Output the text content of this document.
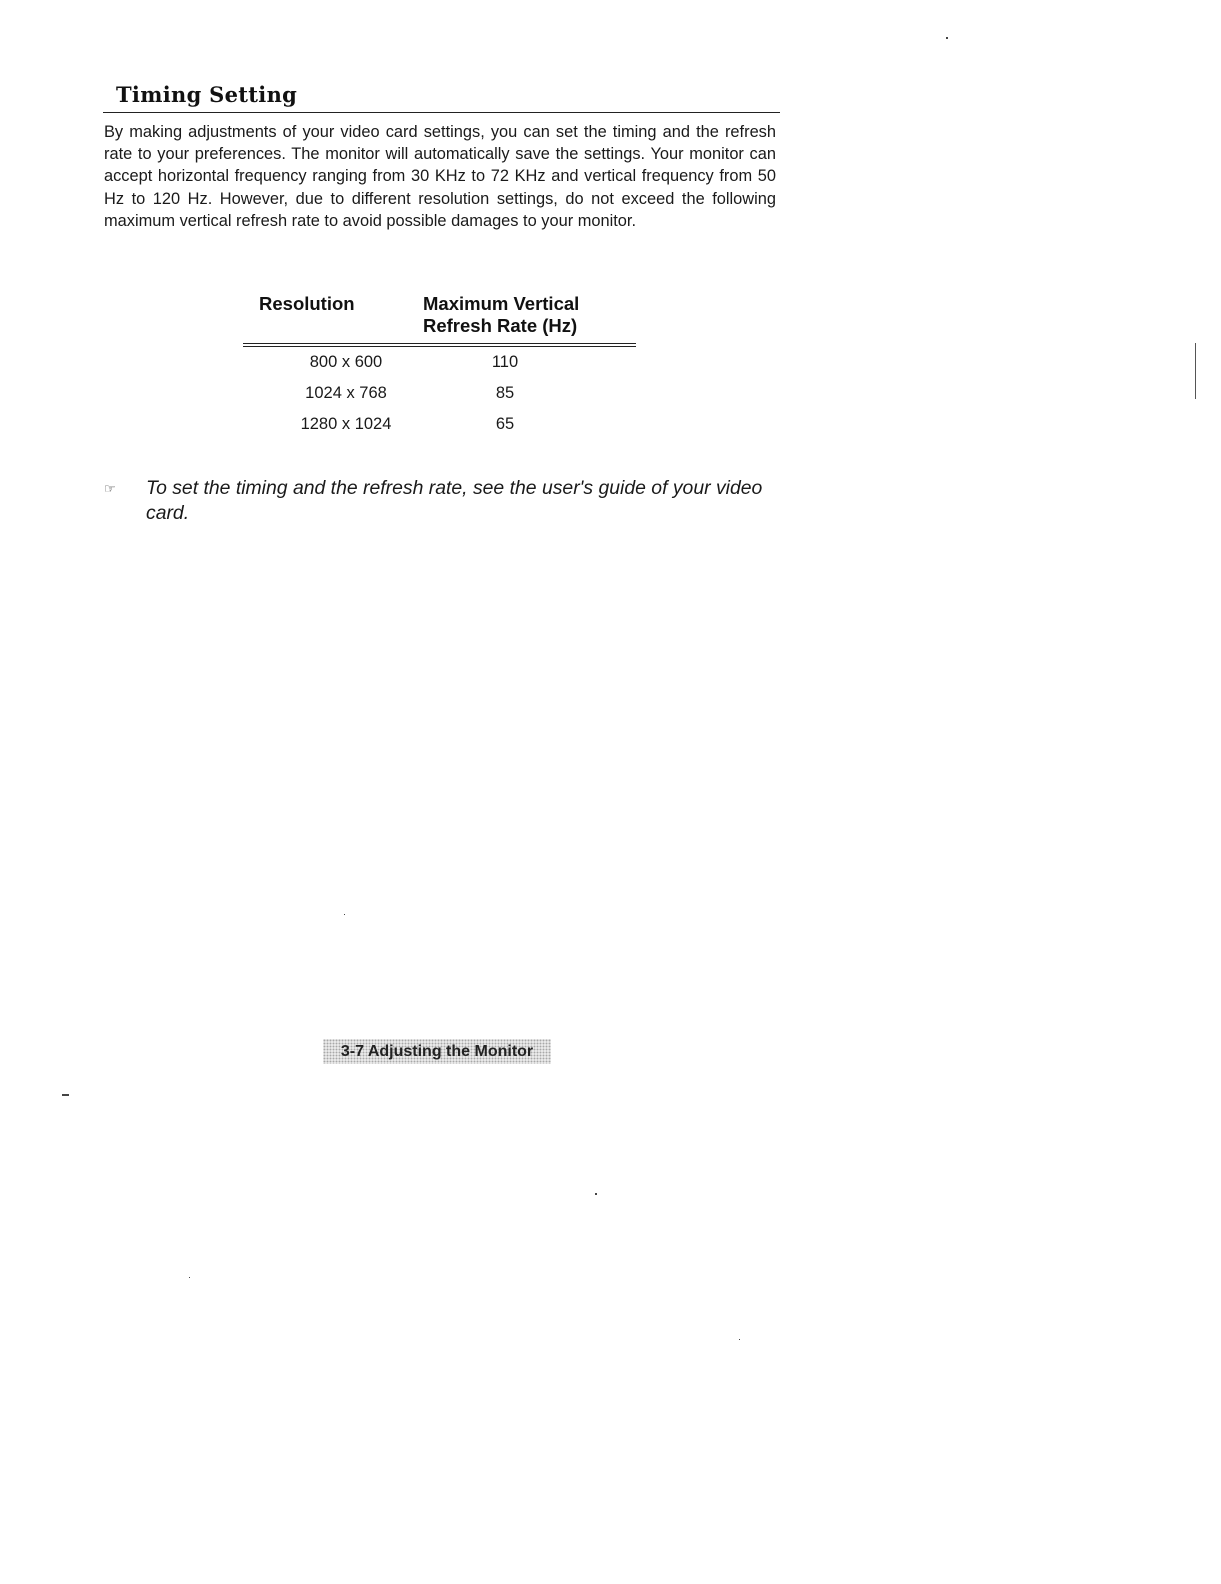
Timing Setting

By making adjustments of your video card settings, you can set the timing and the refresh rate to your preferences. The monitor will automatically save the settings. Your monitor can accept horizontal frequency ranging from 30 KHz to 72 KHz and vertical frequency from 50 Hz to 120 Hz. However, due to different resolution settings, do not exceed the following maximum vertical refresh rate to avoid possible damages to your monitor.

Resolution	Maximum Vertical
Refresh Rate (Hz)
800 x 600	110
1024 x 768	85
1280 x 1024	65
☞	To set the timing and the refresh rate, see the user's guide of your video card.
3-7 Adjusting the Monitor
